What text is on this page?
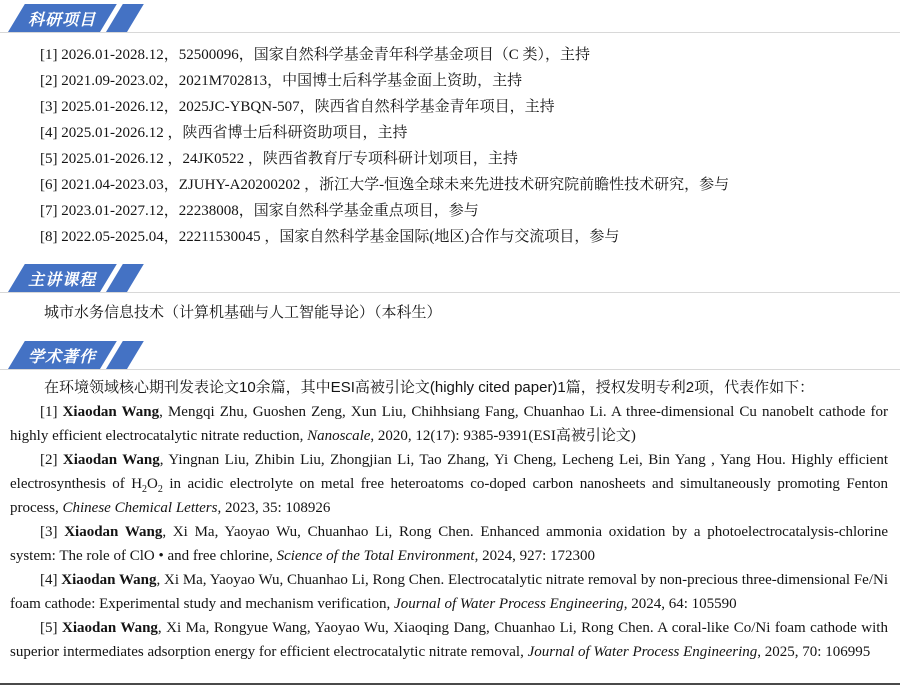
科研项目
[1] 2026.01-2028.12，52500096，国家自然科学基金青年科学基金项目（C 类），主持
[2] 2021.09-2023.02，2021M702813，中国博士后科学基金面上资助，主持
[3] 2025.01-2026.12，2025JC-YBQN-507，陕西省自然科学基金青年项目，主持
[4] 2025.01-2026.12 ，陕西省博士后科研资助项目，主持
[5] 2025.01-2026.12 ，24JK0522 ，陕西省教育厅专项科研计划项目，主持
[6] 2021.04-2023.03，ZJUHY-A20200202 ，浙江大学-恒逸全球未来先进技术研究院前瞻性技术研究，参与
[7] 2023.01-2027.12，22238008，国家自然科学基金重点项目，参与
[8] 2022.05-2025.04，22211530045 ，国家自然科学基金国际(地区)合作与交流项目，参与
主讲课程
城市水务信息技术（计算机基础与人工智能导论）（本科生）
学术著作

在环境领域核心期刊发表论文10余篇，其中ESI高被引论文(highly cited paper)1篇，授权发明专利2项，代表作如下：

[1] Xiaodan Wang, Mengqi Zhu, Guoshen Zeng, Xun Liu, Chihhsiang Fang, Chuanhao Li. A three-dimensional Cu nanobelt cathode for highly efficient electrocatalytic nitrate reduction, Nanoscale, 2020, 12(17): 9385-9391(ESI高被引论文)

[2] Xiaodan Wang, Yingnan Liu, Zhibin Liu, Zhongjian Li, Tao Zhang, Yi Cheng, Lecheng Lei, Bin Yang , Yang Hou. Highly efficient electrosynthesis of $H_2O_2$ in acidic electrolyte on metal free heteroatoms co-doped carbon nanosheets and simultaneously promoting Fenton process, Chinese Chemical Letters, 2023, 35: 108926

[3] Xiaodan Wang, Xi Ma, Yaoyao Wu, Chuanhao Li, Rong Chen. Enhanced ammonia oxidation by a photoelectrocatalysis-chlorine system: The role of ClO • and free chlorine, Science of the Total Environment, 2024, 927: 172300

[4] Xiaodan Wang, Xi Ma, Yaoyao Wu, Chuanhao Li, Rong Chen. Electrocatalytic nitrate removal by non-precious three-dimensional Fe/Ni foam cathode: Experimental study and mechanism verification, Journal of Water Process Engineering, 2024, 64: 105590

[5] Xiaodan Wang, Xi Ma, Rongyue Wang, Yaoyao Wu, Xiaoqing Dang, Chuanhao Li, Rong Chen. A coral-like Co/Ni foam cathode with superior intermediates adsorption energy for efficient electrocatalytic nitrate removal, Journal of Water Process Engineering, 2025, 70: 106995
